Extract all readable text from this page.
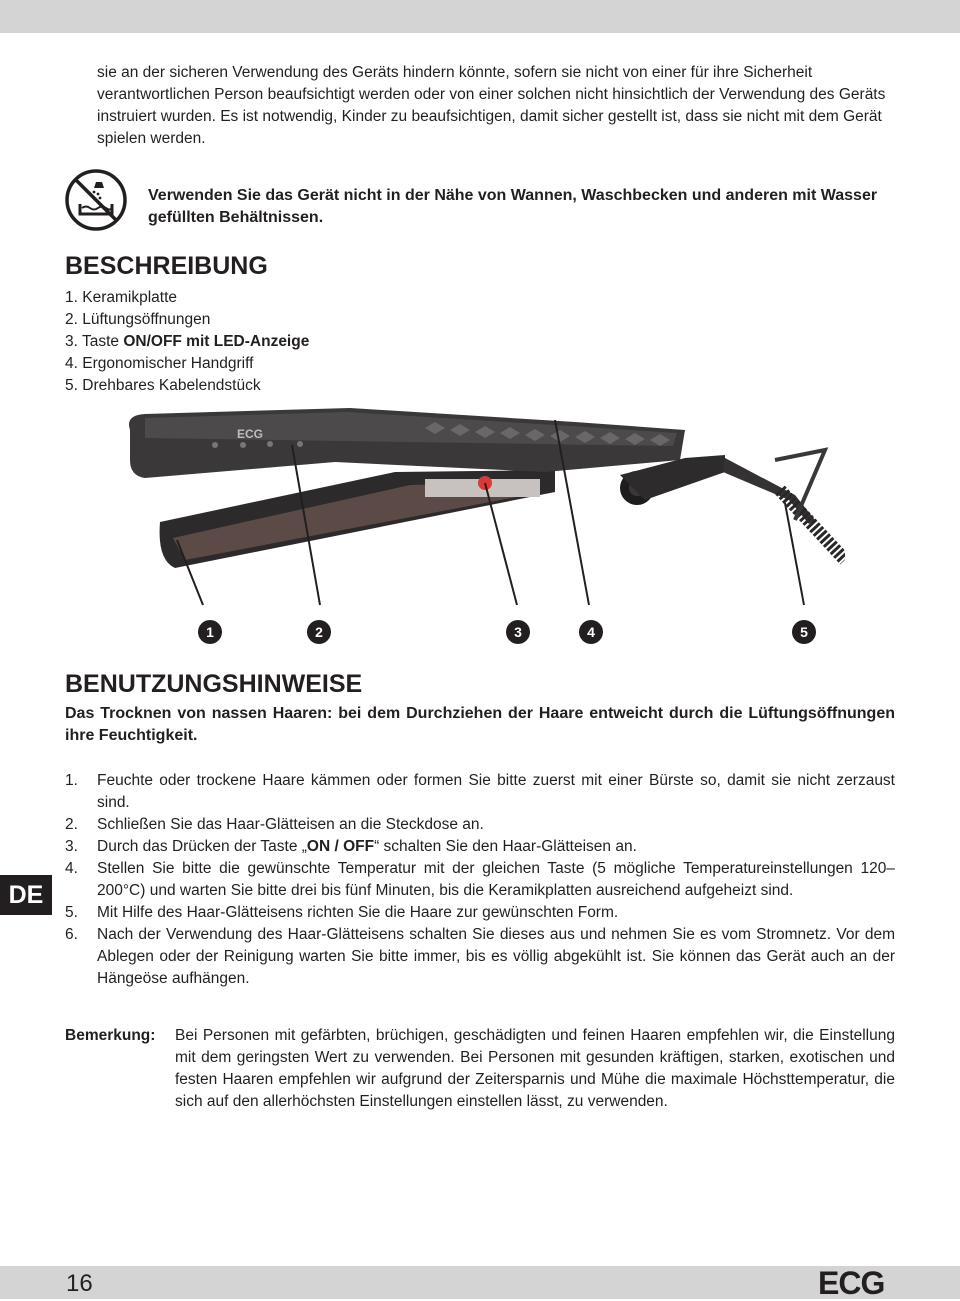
sie an der sicheren Verwendung des Geräts hindern könnte, sofern sie nicht von einer für ihre Sicherheit verantwortlichen Person beaufsichtigt werden oder von einer solchen nicht hinsichtlich der Verwendung des Geräts instruiert wurden. Es ist notwendig, Kinder zu beaufsichtigen, damit sicher gestellt ist, dass sie nicht mit dem Gerät spielen werden.

Verwenden Sie das Gerät nicht in der Nähe von Wannen, Waschbecken und anderen mit Wasser gefüllten Behältnissen.

BESCHREIBUNG
1. Keramikplatte
2. Lüftungsöffnungen
3. Taste ON/OFF mit LED-Anzeige
4. Ergonomischer Handgriff
5. Drehbares Kabelendstück
ECG
1	2	3	4	5
BENUTZUNGSHINWEISE

Das Trocknen von nassen Haaren: bei dem Durchziehen der Haare entweicht durch die Lüftungsöffnungen ihre Feuchtigkeit.

1. Feuchte oder trockene Haare kämmen oder formen Sie bitte zuerst mit einer Bürste so, damit sie nicht zerzaust sind.
2. Schließen Sie das Haar-Glätteisen an die Steckdose an.
3. Durch das Drücken der Taste „ON / OFF“ schalten Sie den Haar-Glätteisen an.
4. Stellen Sie bitte die gewünschte Temperatur mit der gleichen Taste (5 mögliche Temperatureinstellungen 120–200°C) und warten Sie bitte drei bis fünf Minuten, bis die Keramikplatten ausreichend aufgeheizt sind.
5. Mit Hilfe des Haar-Glätteisens richten Sie die Haare zur gewünschten Form.
6. Nach der Verwendung des Haar-Glätteisens schalten Sie dieses aus und nehmen Sie es vom Stromnetz. Vor dem Ablegen oder der Reinigung warten Sie bitte immer, bis es völlig abgekühlt ist. Sie können das Gerät auch an der Hängeöse aufhängen.
Bemerkung: Bei Personen mit gefärbten, brüchigen, geschädigten und feinen Haaren empfehlen wir, die Einstellung mit dem geringsten Wert zu verwenden. Bei Personen mit gesunden kräftigen, starken, exotischen und festen Haaren empfehlen wir aufgrund der Zeitersparnis und Mühe die maximale Höchsttemperatur, die sich auf den allerhöchsten Einstellungen einstellen lässt, zu verwenden.

DE
16	ECG
